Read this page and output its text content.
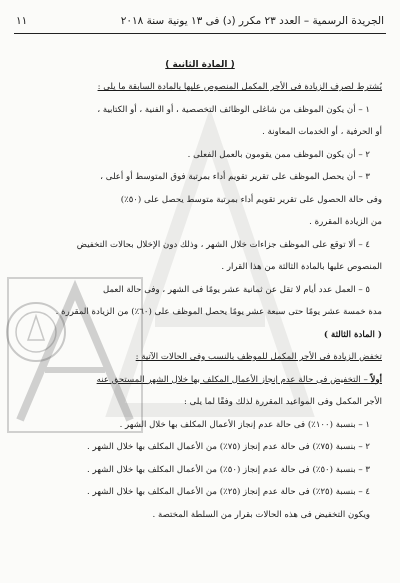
الجريدة الرسمية – العدد ٢٣ مكرر (د) فى ١٣ يونية سنة ٢٠١٨
١١
( المادة الثانية )

يُشترط لصرف الزيادة فى الأجر المكمل المنصوص عليها بالمادة السابقة ما يلى :

١ – أن يكون الموظف من شاغلى الوظائف التخصصية ، أو الفنية ، أو الكتابية ،

أو الحرفية ، أو الخدمات المعاونة .

٢ – أن يكون الموظف ممن يقومون بالعمل الفعلى .

٣ – أن يحصل الموظف على تقرير تقويم أداء بمرتبة فوق المتوسط أو أعلى ،

وفى حالة الحصول على تقرير تقويم أداء بمرتبة متوسط يحصل على (٥٠٪)

من الزيادة المقررة .

٤ – ألا توقع على الموظف جزاءات خلال الشهر ، وذلك دون الإخلال بحالات التخفيض

المنصوص عليها بالمادة الثالثة من هذا القرار .

٥ – العمل عدد أيام لا تقل عن ثمانية عشر يومًا فى الشهر ، وفى حالة العمل

مدة خمسة عشر يومًا حتى سبعة عشر يومًا يحصل الموظف على (٦٠٪) من الزيادة المقررة .

( المادة الثالثة )

تخفض الزيادة فى الأجر المكمل للموظف بالنسب وفى الحالات الآتية :

أولاً – التخفيض فى حالة عدم إنجاز الأعمال المكلف بها خلال الشهر المستحق عنه

الأجر المكمل وفى المواعيد المقررة لذلك وفقًا لما يلى :

١ – بنسبة (١٠٠٪) فى حالة عدم إنجاز الأعمال المكلف بها خلال الشهر .

٢ – بنسبة (٧٥٪) فى حالة عدم إنجاز (٧٥٪) من الأعمال المكلف بها خلال الشهر .

٣ – بنسبة (٥٠٪) فى حالة عدم إنجاز (٥٠٪) من الأعمال المكلف بها خلال الشهر .

٤ – بنسبة (٢٥٪) فى حالة عدم إنجاز (٢٥٪) من الأعمال المكلف بها خلال الشهر .

ويكون التخفيض فى هذه الحالات بقرار من السلطة المختصة .
